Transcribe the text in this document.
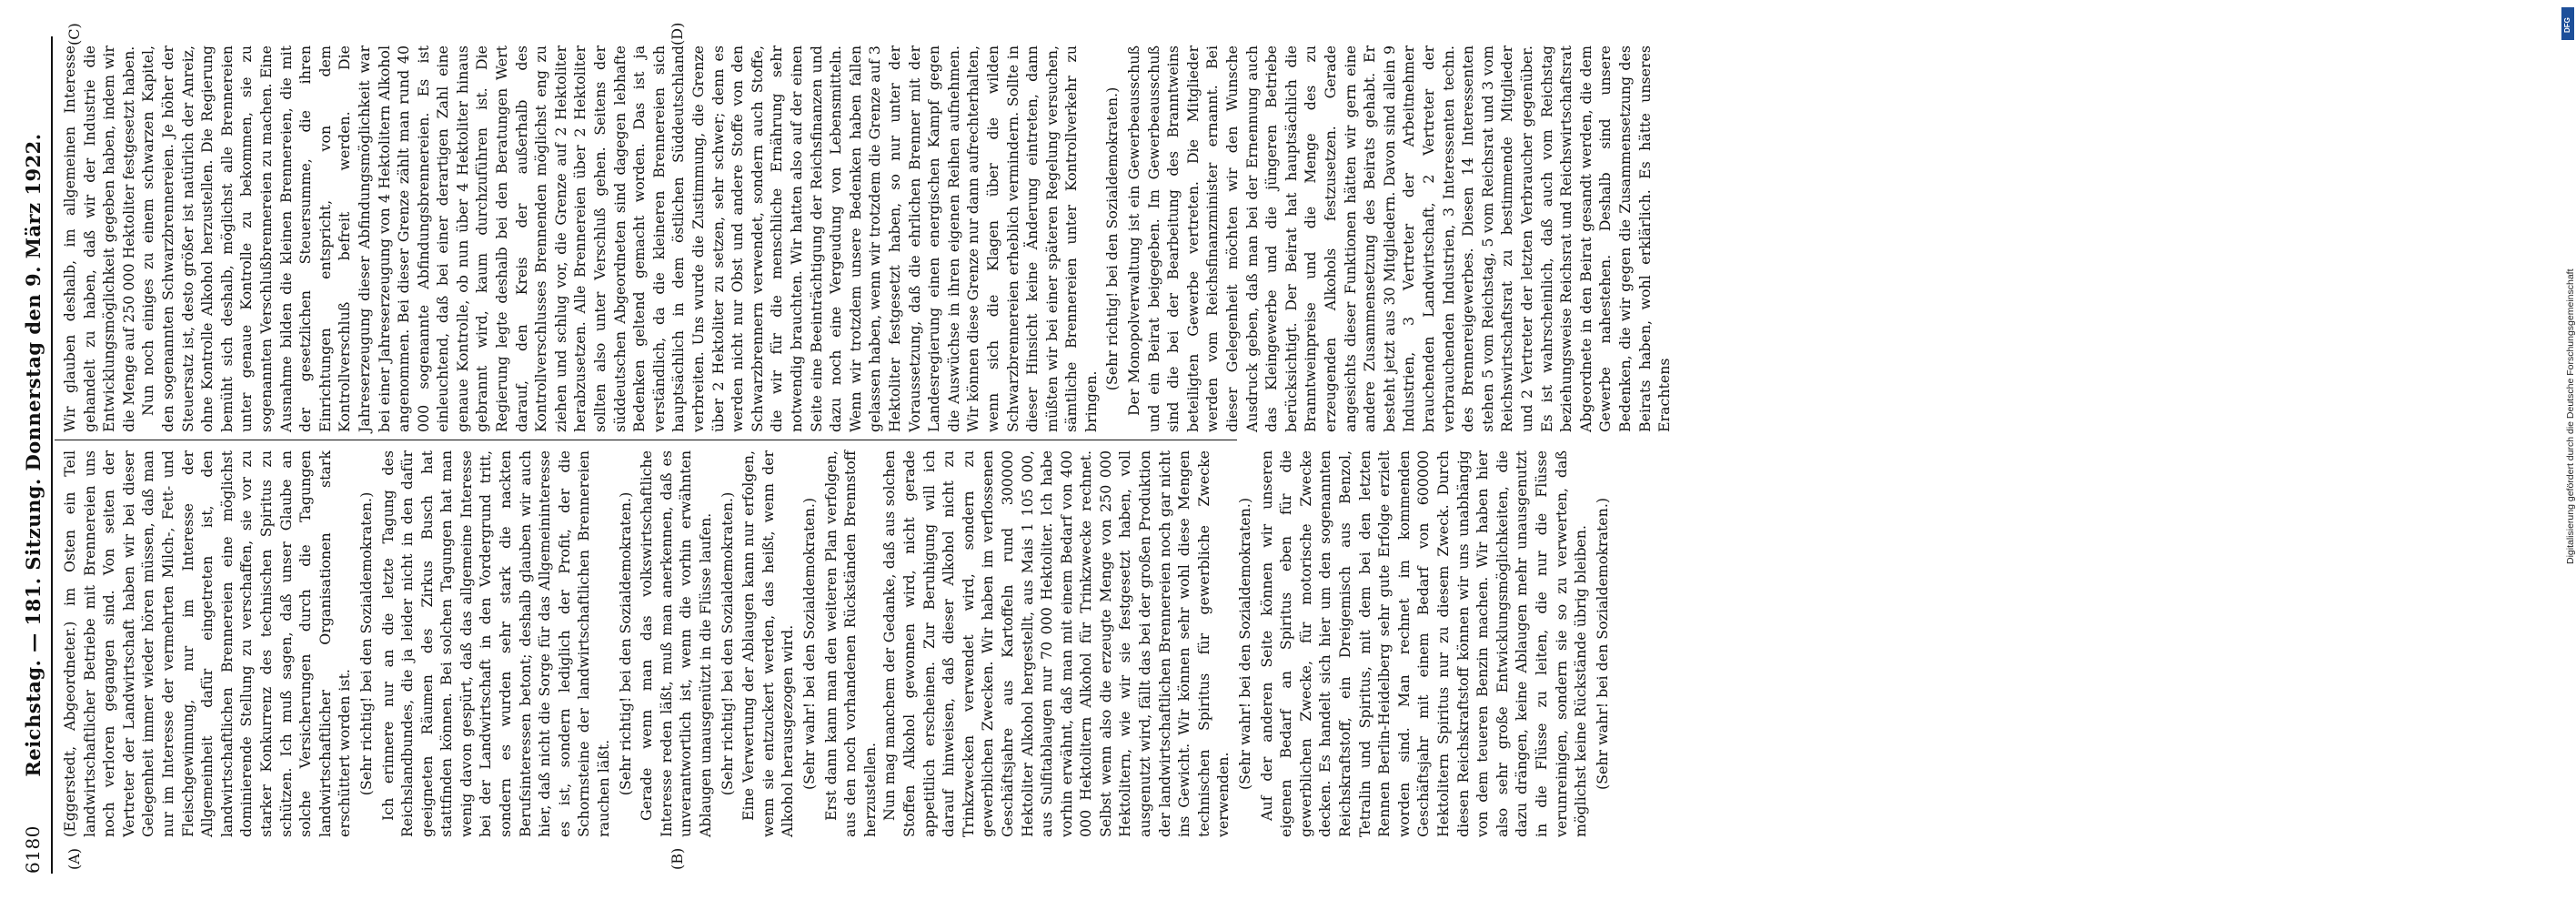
6180
Reichstag. — 181. Sitzung. Donnerstag den 9. März 1922.
(A)	(B)
(C)	(D)

(Eggerstedt, Abgeordneter.) im Osten ein Teil landwirtschaftlicher Betriebe mit Brennereien uns noch verloren gegangen sind. Von seiten der Vertreter der Landwirtschaft haben wir bei dieser Gelegenheit immer wieder hören müssen, daß man nur im Interesse der vermehrten Milch-, Fett- und Fleischgewinnung, nur im Interesse der Allgemeinheit dafür eingetreten ist, den landwirtschaftlichen Brennereien eine möglichst dominierende Stellung zu verschaffen, sie vor zu starker Konkurrenz des technischen Spiritus zu schützen. Ich muß sagen, daß unser Glaube an solche Versicherungen durch die Tagungen landwirtschaftlicher Organisationen stark erschüttert worden ist. (Sehr richtig! bei den Sozialdemokraten.) Ich erinnere nur an die letzte Tagung des Reichslandbundes, die ja leider nicht in den dafür geeigneten Räumen des Zirkus Busch hat stattfinden können. Bei solchen Tagungen hat man wenig davon gespürt, daß das allgemeine Interesse bei der Landwirtschaft in den Vordergrund tritt, sondern es wurden sehr stark die nackten Berufsinteressen betont; deshalb glauben wir auch hier, daß nicht die Sorge für das Allgemeininteresse es ist, sondern lediglich der Profit, der die Schornsteine der landwirtschaftlichen Brennereien rauchen läßt. (Sehr richtig! bei den Sozialdemokraten.) Gerade wenn man das volkswirtschaftliche Interesse reden läßt, muß man anerkennen, daß es unverantwortlich ist, wenn die vorhin erwähnten Ablaugen unausgenützt in die Flüsse laufen. (Sehr richtig! bei den Sozialdemokraten.) Eine Verwertung der Ablaugen kann nur erfolgen, wenn sie entzuckert werden, das heißt, wenn der Alkohol herausgezogen wird. (Sehr wahr! bei den Sozialdemokraten.) Erst dann kann man den weiteren Plan verfolgen, aus den noch vorhandenen Rückständen Brennstoff herzustellen. Nun mag manchem der Gedanke, daß aus solchen Stoffen Alkohol gewonnen wird, nicht gerade appetitlich erscheinen. Zur Beruhigung will ich darauf hinweisen, daß dieser Alkohol nicht zu Trinkzwecken verwendet wird, sondern zu gewerblichen Zwecken. Wir haben im verflossenen Geschäftsjahre aus Kartoffeln rund 300000 Hektoliter Alkohol hergestellt, aus Mais 1 105 000, aus Sulfitablaugen nur 70 000 Hektoliter. Ich habe vorhin erwähnt, daß man mit einem Bedarf von 400 000 Hektolitern Alkohol für Trinkzwecke rechnet. Selbst wenn also die erzeugte Menge von 250 000 Hektolitern, wie wir sie festgesetzt haben, voll ausgenutzt wird, fällt das bei der großen Produktion der landwirtschaftlichen Brennereien noch gar nicht ins Gewicht. Wir können sehr wohl diese Mengen technischen Spiritus für gewerbliche Zwecke verwenden.

(Sehr wahr! bei den Sozialdemokraten.) Auf der anderen Seite können wir unseren eigenen Bedarf an Spiritus eben für die gewerblichen Zwecke, für motorische Zwecke decken. Es handelt sich hier um den sogenannten Reichskraftstoff, ein Dreigemisch aus Benzol, Tetralin und Spiritus, mit dem bei den letzten Rennen Berlin-Heidelberg sehr gute Erfolge erzielt worden sind. Man rechnet im kommenden Geschäftsjahr mit einem Bedarf von 600000 Hektolitern Spiritus nur zu diesem Zweck. Durch diesen Reichskraftstoff können wir uns unabhängig von dem teueren Benzin machen. Wir haben hier also sehr große Entwicklungsmöglichkeiten, die dazu drängen, keine Ablaugen mehr unausgenutzt in die Flüsse zu leiten, die nur die Flüsse verunreinigen, sondern sie so zu verwerten, daß möglichst keine Rückstände übrig bleiben. (Sehr wahr! bei den Sozialdemokraten.)

Wir glauben deshalb, im allgemeinen Interesse gehandelt zu haben, daß wir der Industrie die Entwicklungsmöglichkeit gegeben haben, indem wir die Menge auf 250 000 Hektoliter festgesetzt haben. Nun noch einiges zu einem schwarzen Kapitel, den sogenannten Schwarzbrennereien. Je höher der Steuersatz ist, desto größer ist natürlich der Anreiz, ohne Kontrolle Alkohol herzustellen. Die Regierung bemüht sich deshalb, möglichst alle Brennereien unter genaue Kontrolle zu bekommen, sie zu sogenannten Verschlußbrennereien zu machen. Eine Ausnahme bilden die kleinen Brennereien, die mit der gesetzlichen Steuersumme, die ihren Einrichtungen entspricht, von dem Kontrollverschluß befreit werden. Die Jahreserzeugung dieser Abfindungsmöglichkeit war bei einer Jahreserzeugung von 4 Hektolitern Alkohol angenommen. Bei dieser Grenze zählt man rund 40 000 sogenannte Abfindungsbrennereien. Es ist einleuchtend, daß bei einer derartigen Zahl eine genaue Kontrolle, ob nun über 4 Hektoliter hinaus gebrannt wird, kaum durchzuführen ist. Die Regierung legte deshalb bei den Beratungen Wert darauf, den Kreis der außerhalb des Kontrollverschlusses Brennenden möglichst eng zu ziehen und schlug vor, die Grenze auf 2 Hektoliter herabzusetzen. Alle Brennereien über 2 Hektoliter sollten also unter Verschluß gehen. Seitens der süddeutschen Abgeordneten sind dagegen lebhafte Bedenken geltend gemacht worden. Das ist ja verständlich, da die kleineren Brennereien sich hauptsächlich in dem östlichen Süddeutschland verbreiten. Uns wurde die Zustimmung, die Grenze über 2 Hektoliter zu setzen, sehr schwer; denn es werden nicht nur Obst und andere Stoffe von den Schwarzbrennern verwendet, sondern auch Stoffe, die wir für die menschliche Ernährung sehr notwendig brauchten. Wir hatten also auf der einen Seite eine Beeinträchtigung der Reichsfinanzen und dazu noch eine Vergeudung von Lebensmitteln. Wenn wir trotzdem unsere Bedenken haben fallen gelassen haben, wenn wir trotzdem die Grenze auf 3 Hektoliter festgesetzt haben, so nur unter der Voraussetzung, daß die ehrlichen Brenner mit der Landesregierung einen energischen Kampf gegen die Auswüchse in ihren eigenen Reihen aufnehmen. Wir können diese Grenze nur dann aufrechterhalten, wenn sich die Klagen über die wilden Schwarzbrennereien erheblich vermindern. Sollte in dieser Hinsicht keine Änderung eintreten, dann müßten wir bei einer späteren Regelung versuchen, sämtliche Brennereien unter Kontrollverkehr zu bringen.

(Sehr richtig! bei den Sozialdemokraten.) Der Monopolverwaltung ist ein Gewerbeausschuß und ein Beirat beigegeben. Im Gewerbeausschuß sind die bei der Bearbeitung des Branntweins beteiligten Gewerbe vertreten. Die Mitglieder werden vom Reichsfinanzminister ernannt. Bei dieser Gelegenheit möchten wir den Wunsche Ausdruck geben, daß man bei der Ernennung auch das Kleingewerbe und die jüngeren Betriebe berücksichtigt. Der Beirat hat hauptsächlich die Branntweinpreise und die Menge des zu erzeugenden Alkohols festzusetzen. Gerade angesichts dieser Funktionen hätten wir gern eine andere Zusammensetzung des Beirats gehabt. Er besteht jetzt aus 30 Mitgliedern. Davon sind allein 9 Industrien, 3 Vertreter der Arbeitnehmer brauchenden Landwirtschaft, 2 Vertreter der verbrauchenden Industrien, 3 Interessenten techn. des Brennereigewerbes. Diesen 14 Interessenten stehen 5 vom Reichstag, 5 vom Reichsrat und 3 vom Reichswirtschaftsrat zu bestimmende Mitglieder und 2 Vertreter der letzten Verbraucher gegenüber. Es ist wahrscheinlich, daß auch vom Reichstag beziehungsweise Reichsrat und Reichswirtschaftsrat Abgeordnete in den Beirat gesandt werden, die dem Gewerbe nahestehen. Deshalb sind unsere Bedenken, die wir gegen die Zusammensetzung des Beirats haben, wohl erklärlich. Es hätte unseres Erachtens

DFG
Digitalisierung gefördert durch die Deutsche Forschungsgemeinschaft
